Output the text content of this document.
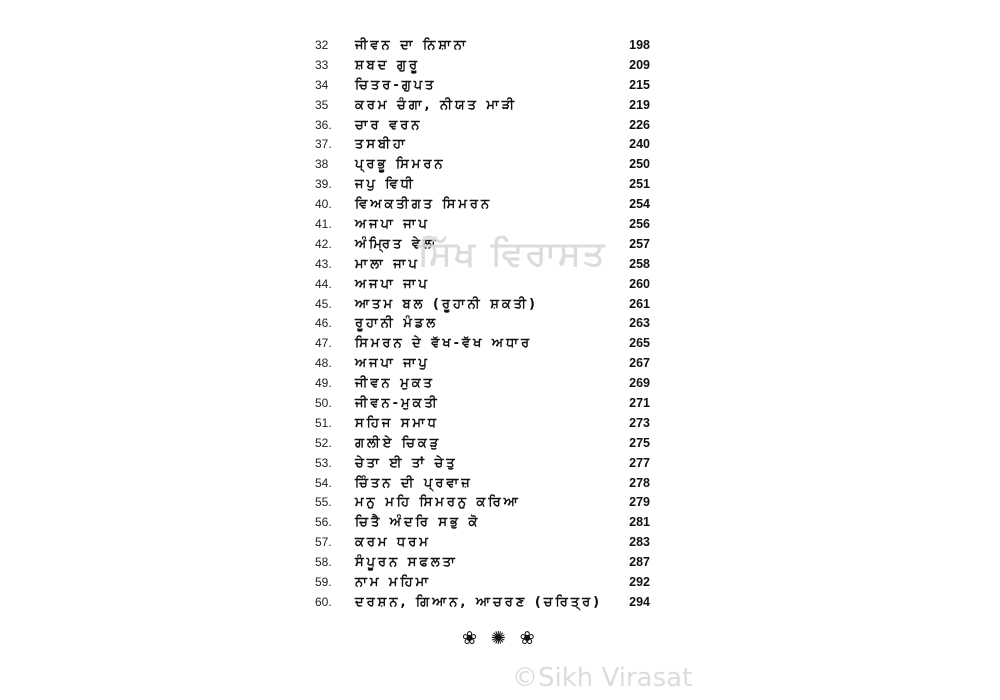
32 ਜੀਵਨ ਦਾ ਨਿਸ਼ਾਨਾ	198
33 ਸ਼ਬਦ ਗੁਰੂ	209
34 ਚਿਤਰ-ਗੁਪਤ	215
35 ਕਰਮ ਚੰਗਾ, ਨੀਯਤ ਮਾੜੀ	219
36. ਚਾਰ ਵਰਨ	226
37. ਤਸਬੀਹਾ	240
38 ਪ੍ਰਭੂ ਸਿਮਰਨ	250
39. ਜਪੁ ਵਿਧੀ	251
40. ਵਿਅਕਤੀਗਤ ਸਿਮਰਨ	254
41. ਅਜਪਾ ਜਾਪ	256
42. ਅੰਮ੍ਰਿਤ ਵੇਲਾ	257
43. ਮਾਲਾ ਜਾਪ	258
44. ਅਜਪਾ ਜਾਪ	260
45. ਆਤਮ ਬਲ (ਰੂਹਾਨੀ ਸ਼ਕਤੀ)	261
46. ਰੂਹਾਨੀ ਮੰਡਲ	263
47. ਸਿਮਰਨ ਦੇ ਵੱਖ-ਵੱਖ ਅਧਾਰ	265
48. ਅਜਪਾ ਜਾਪੁ	267
49. ਜੀਵਨ ਮੁਕਤ	269
50. ਜੀਵਨ-ਮੁਕਤੀ	271
51. ਸਹਿਜ ਸਮਾਧ	273
52. ਗਲੀਏ ਚਿਕੜੁ	275
53. ਚੇਤਾ ਈ ਤਾਂ ਚੇਤੁ	277
54. ਚਿੰਤਨ ਦੀ ਪ੍ਰਵਾਜ਼	278
55. ਮਨੁ ਮਹਿ ਸਿਮਰਨੁ ਕਰਿਆ	279
56. ਚਿਤੈ ਅੰਦਰਿ ਸਭੁ ਕੋ	281
57. ਕਰਮ ਧਰਮ	283
58. ਸੰਪੂਰਨ ਸਫਲਤਾ	287
59. ਨਾਮ ਮਹਿਮਾ	292
60. ਦਰਸ਼ਨ, ਗਿਆਨ, ਆਚਰਣ (ਚਰਿਤ੍ਰ) 294
❀ ✺ ❀
ਸਿੱਖ ਵਿਰਾਸਤ
©Sikh Virasat
